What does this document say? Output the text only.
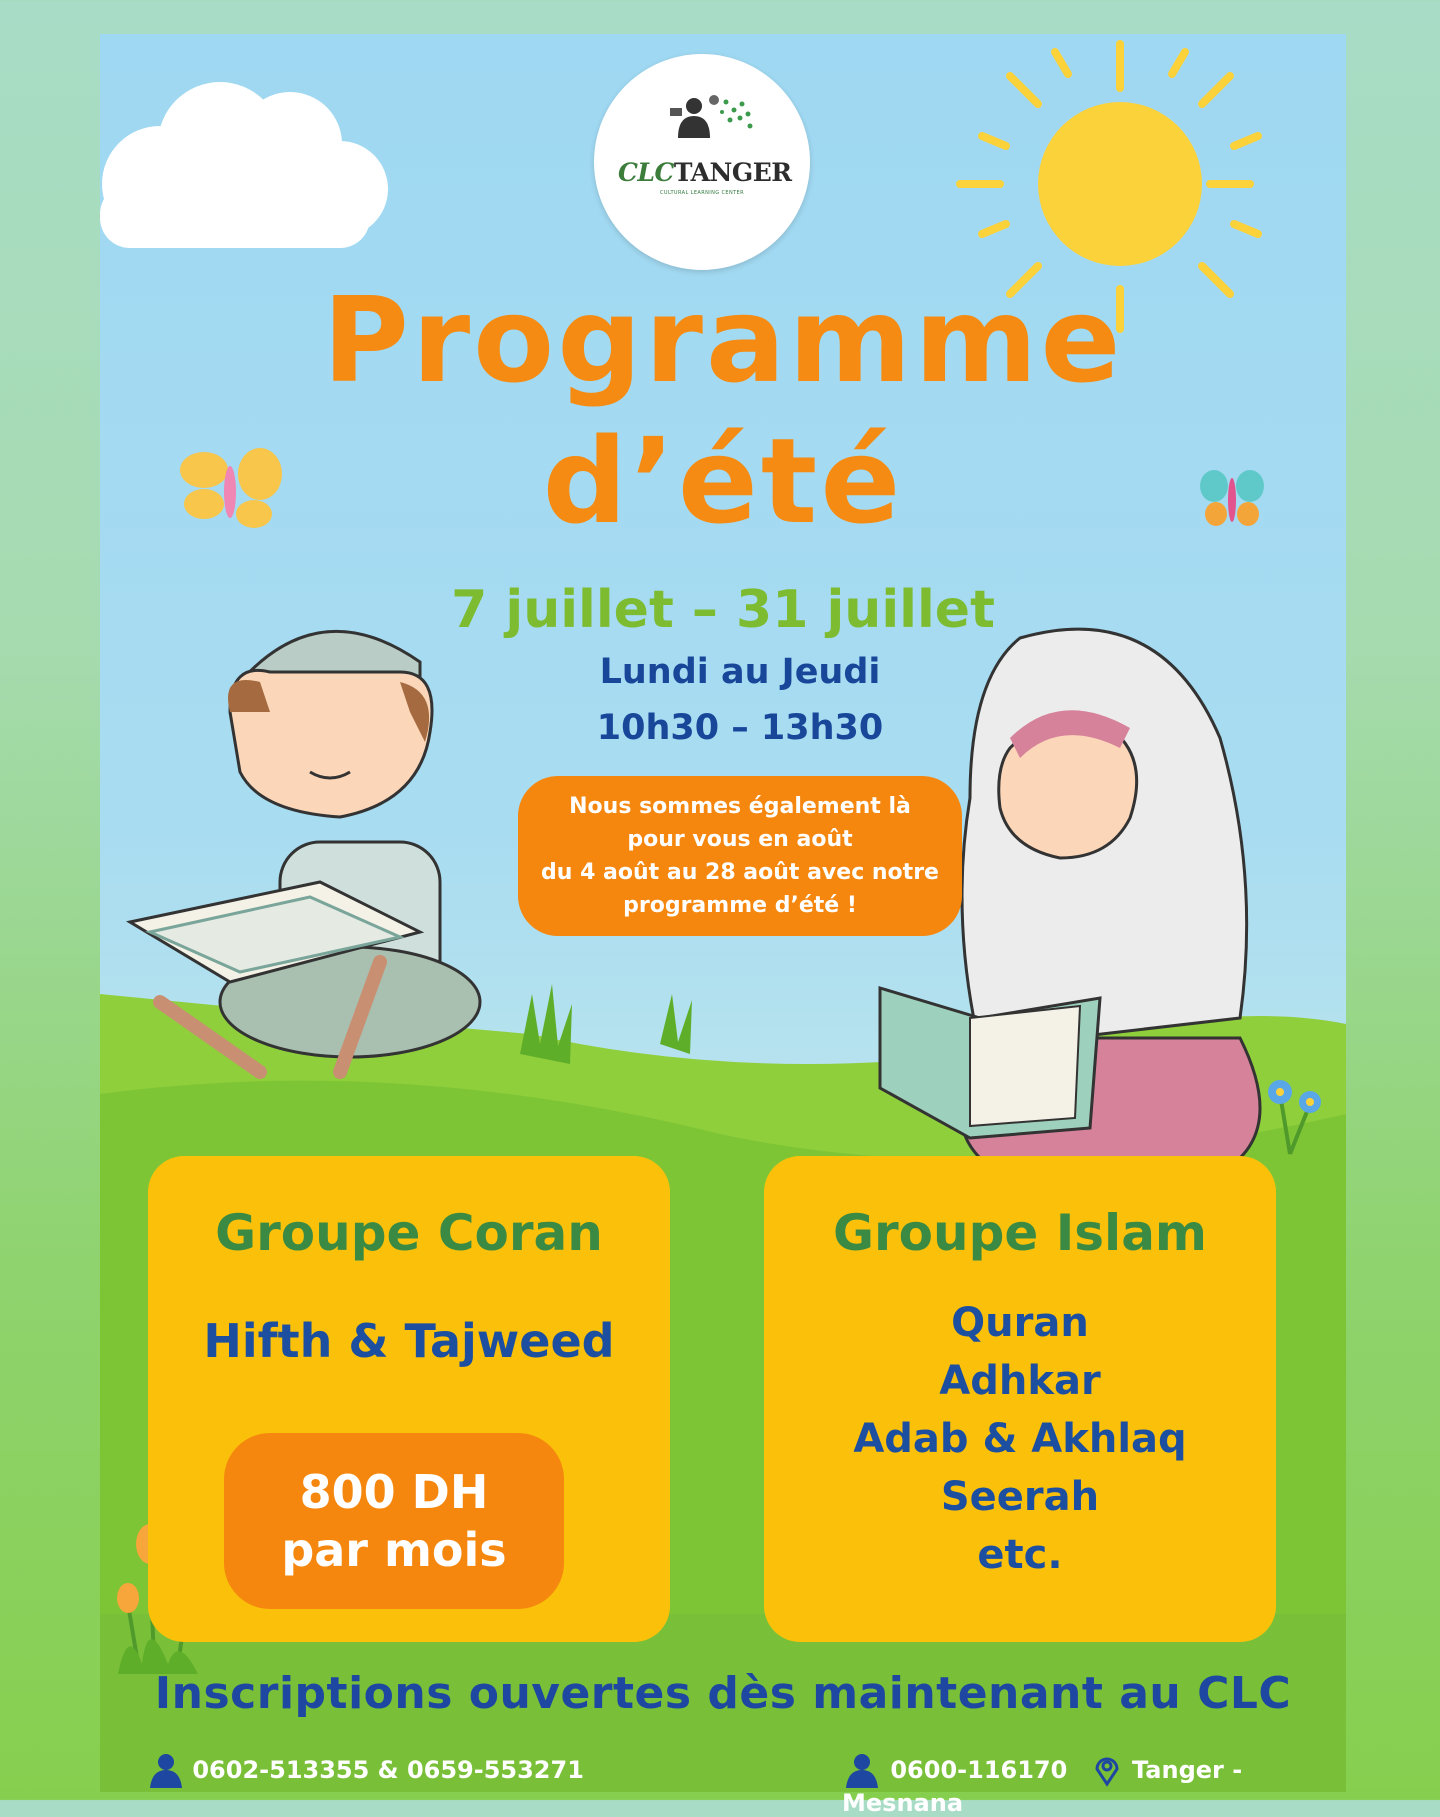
CLCTANGER
CULTURAL LEARNING CENTER
Programme
d’été
7 juillet – 31 juillet
Lundi au Jeudi
10h30 – 13h30
Nous sommes également là
pour vous en août
du 4 août au 28 août avec notre
programme d’été !
Groupe Coran
Hifth & Tajweed
800 DH
par mois
Groupe Islam
Quran
Adhkar
Adab & Akhlaq
Seerah
etc.
Inscriptions ouvertes dès maintenant au CLC
0602-513355 & 0659-553271	0600-116170	Tanger - Mesnana
